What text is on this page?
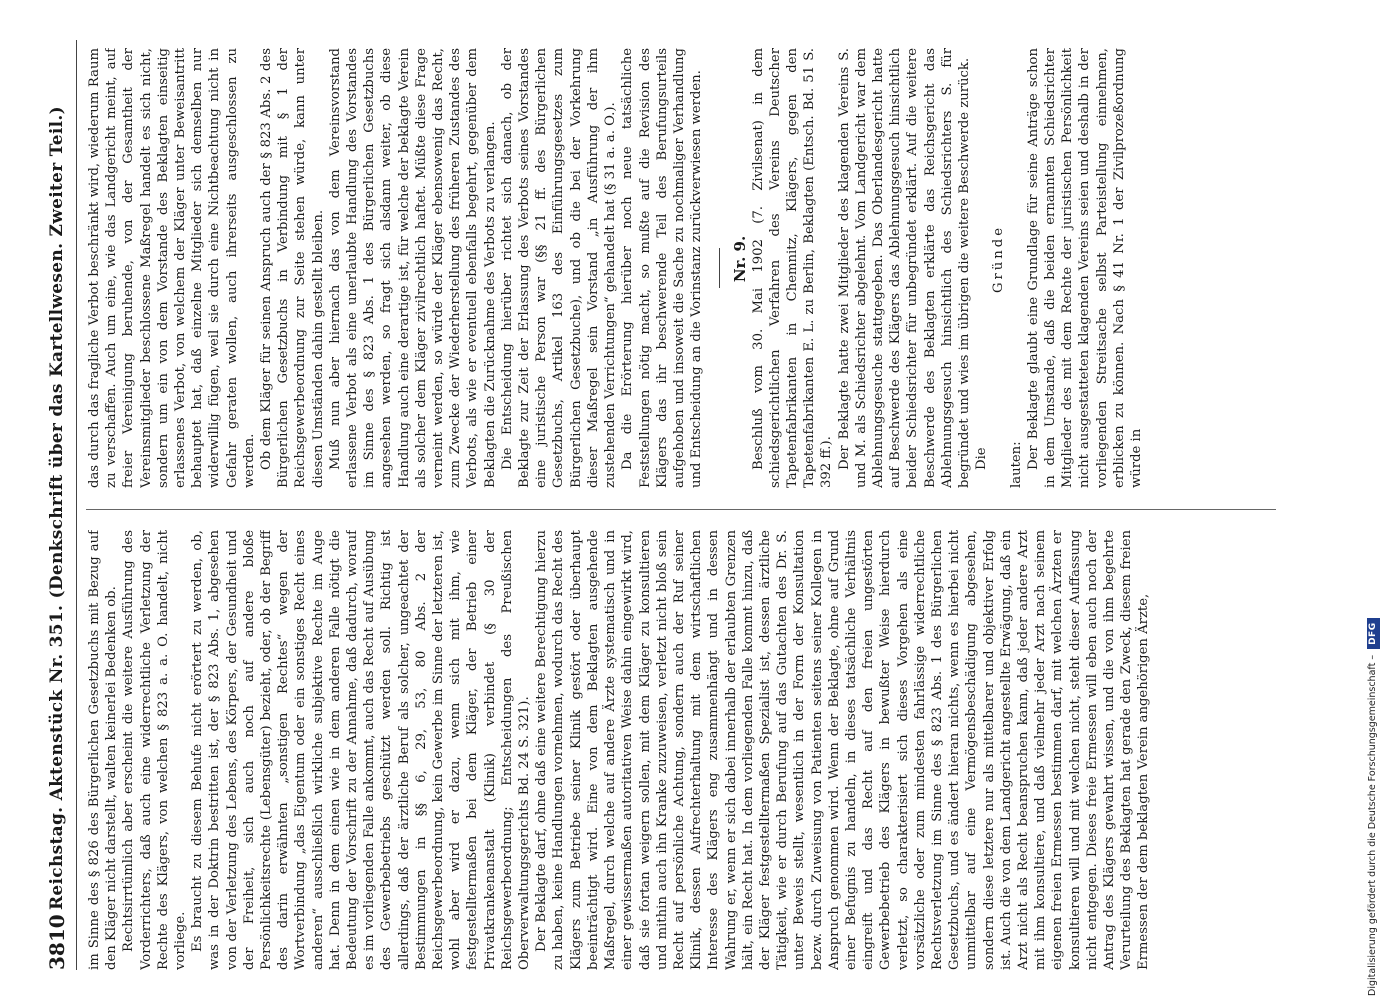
3810
Reichstag. Aktenstück Nr. 351. (Denkschrift über das Kartellwesen. Zweiter Teil.) im Sinne des § 826 des Bürgerlichen Gesetzbuchs mit Bezug auf den Kläger nicht darstellt, walten keinerlei Bedenken ob. Rechtsirrtümlich aber erscheint die weitere Ausführung des Vorderrichters, daß auch eine widerrechtliche Verletzung der Rechte des Klägers, von welchen § 823 a. a. O. handelt, nicht vorliege. Es braucht zu diesem Behufe nicht erörtert zu werden, ob, was in der Doktrin bestritten ist, der § 823 Abs. 1, abgesehen von der Verletzung des Lebens, des Körpers, der Gesundheit und der Freiheit, sich auch noch auf andere bloße Persönlichkeitsrechte (Lebensgüter) bezieht, oder, ob der Begriff des darin erwähnten „sonstigen Rechtes“ wegen der Wortverbindung „das Eigentum oder ein sonstiges Recht eines anderen“ ausschließlich wirkliche subjektive Rechte im Auge hat. Denn in dem einen wie in dem anderen Falle nötigt die Bedeutung der Vorschrift zu der Annahme, daß dadurch, worauf es im vorliegenden Falle ankommt, auch das Recht auf Ausübung des Gewerbebetriebs geschützt werden soll. Richtig ist allerdings, daß der ärztliche Beruf als solcher, ungeachtet der Bestimmungen in §§ 6, 29, 53, 80 Abs. 2 der Reichsgewerbeordnung, kein Gewerbe im Sinne der letzteren ist, wohl aber wird er dazu, wenn sich mit ihm, wie festgestelltermaßen bei dem Kläger, der Betrieb einer Privatkrankenanstalt (Klinik) verbindet (§ 30 der Reichsgewerbeordnung; Entscheidungen des Preußischen Oberverwaltungsgerichts Bd. 24 S. 321). Der Beklagte darf, ohne daß eine weitere Berechtigung hierzu zu haben, keine Handlungen vornehmen, wodurch das Recht des Klägers zum Betriebe seiner Klinik gestört oder überhaupt beeinträchtigt wird. Eine von dem Beklagten ausgehende Maßregel, durch welche auf andere Ärzte systematisch und in einer gewissermaßen autoritativen Weise dahin eingewirkt wird, daß sie fortan weigern sollen, mit dem Kläger zu konsultieren und mithin auch ihn Kranke zuzuweisen, verletzt nicht bloß sein Recht auf persönliche Achtung, sondern auch der Ruf seiner Klinik, dessen Aufrechterhaltung mit dem wirtschaftlichen Interesse des Klägers eng zusammenhängt und in dessen Wahrung er, wenn er sich dabei innerhalb der erlaubten Grenzen hält, ein Recht hat. In dem vorliegenden Falle kommt hinzu, daß der Kläger festgestelltermaßen Spezialist ist, dessen ärztliche Tätigkeit, wie er durch Berufung auf das Gutachten des Dr. S. unter Beweis stellt, wesentlich in der Form der Konsultation bezw. durch Zuweisung von Patienten seitens seiner Kollegen in Anspruch genommen wird. Wenn der Beklagte, ohne auf Grund einer Befugnis zu handeln, in dieses tatsächliche Verhältnis eingreift und das Recht auf den freien ungestörten Gewerbebetrieb des Klägers in bewußter Weise hierdurch verletzt, so charakterisiert sich dieses Vorgehen als eine vorsätzliche oder zum mindesten fahrlässige widerrechtliche Rechtsverletzung im Sinne des § 823 Abs. 1 des Bürgerlichen Gesetzbuchs, und es ändert hieran nichts, wenn es hierbei nicht unmittelbar auf eine Vermögensbeschädigung abgesehen, sondern diese letztere nur als mittelbarer und objektiver Erfolg ist. Auch die von dem Landgericht angestellte Erwägung, daß ein Arzt nicht als Recht beanspruchen kann, daß jeder andere Arzt mit ihm konsultiere, und daß vielmehr jeder Arzt nach seinem eigenen freien Ermessen bestimmen darf, mit welchen Ärzten er konsultieren will und mit welchen nicht, steht dieser Auffassung nicht entgegen. Dieses freie Ermessen will eben auch noch der Antrag des Klägers gewahrt wissen, und die von ihm begehrte Verurteilung des Beklagten hat gerade den Zweck, diesem freien Ermessen der dem beklagten Verein angehörigen Ärzte,

das durch das fragliche Verbot beschränkt wird, wiederum Raum zu verschaffen. Auch um eine, wie das Landgericht meint, auf freier Vereinigung beruhende, von der Gesamtheit der Vereinsmitglieder beschlossene Maßregel handelt es sich nicht, sondern um ein von dem Vorstande des Beklagten einseitig erlassenes Verbot, von welchem der Kläger unter Beweisantritt behauptet hat, daß einzelne Mitglieder sich demselben nur widerwillig fügen, weil sie durch eine Nichtbeachtung nicht in Gefahr geraten wollen, auch ihrerseits ausgeschlossen zu werden. Ob dem Kläger für seinen Anspruch auch der § 823 Abs. 2 des Bürgerlichen Gesetzbuchs in Verbindung mit § 1 der Reichsgewerbeordnung zur Seite stehen würde, kann unter diesen Umständen dahin gestellt bleiben. Muß nun aber hiernach das von dem Vereinsvorstand erlassene Verbot als eine unerlaubte Handlung des Vorstandes im Sinne des § 823 Abs. 1 des Bürgerlichen Gesetzbuchs angesehen werden, so fragt sich alsdann weiter, ob diese Handlung auch eine derartige ist, für welche der beklagte Verein als solcher dem Kläger zivilrechtlich haftet. Müßte diese Frage verneint werden, so würde der Kläger ebensowenig das Recht, zum Zwecke der Wiederherstellung des früheren Zustandes des Verbots, als wie er eventuell ebenfalls begehrt, gegenüber dem Beklagten die Zurücknahme des Verbots zu verlangen. Die Entscheidung hierüber richtet sich danach, ob der Beklagte zur Zeit der Erlassung des Verbots seines Vorstandes eine juristische Person war (§§ 21 ff. des Bürgerlichen Gesetzbuchs, Artikel 163 des Einführungsgesetzes zum Bürgerlichen Gesetzbuche), und ob die bei der Vorkehrung dieser Maßregel sein Vorstand „in Ausführung der ihm zustehenden Verrichtungen“ gehandelt hat (§ 31 a. a. O.). Da die Erörterung hierüber noch neue tatsächliche Feststellungen nötig macht, so mußte auf die Revision des Klägers das ihr beschwerende Teil des Berufungsurteils aufgehoben und insoweit die Sache zu nochmaliger Verhandlung und Entscheidung an die Vorinstanz zurückverwiesen werden. Nr. 9. Beschluß vom 30. Mai 1902 (7. Zivilsenat) in dem schiedsgerichtlichen Verfahren des Vereins Deutscher Tapetenfabrikanten in Chemnitz, Klägers, gegen den Tapetenfabrikanten E. L. zu Berlin, Beklagten (Entsch. Bd. 51 S. 392 ff.). Der Beklagte hatte zwei Mitglieder des klagenden Vereins S. und M. als Schiedsrichter abgelehnt. Vom Landgericht war dem Ablehnungsgesuche stattgegeben. Das Oberlandesgericht hatte auf Beschwerde des Klägers das Ablehnungsgesuch hinsichtlich beider Schiedsrichter für unbegründet erklärt. Auf die weitere Beschwerde des Beklagten erklärte das Reichsgericht das Ablehnungsgesuch hinsichtlich des Schiedsrichters S. für begründet und wies im übrigen die weitere Beschwerde zurück. Die

Gründe

lauten: Der Beklagte glaubt eine Grundlage für seine Anträge schon in dem Umstande, daß die beiden ernannten Schiedsrichter Mitglieder des mit dem Rechte der juristischen Persönlichkeit nicht ausgestatteten klagenden Vereins seien und deshalb in der vorliegenden Streitsache selbst Parteistellung einnehmen, erblicken zu können. Nach § 41 Nr. 1 der Zivilprozeßordnung würde in

Digitalisierung gefördert durch die Deutsche Forschungsgemeinschaft –
DFG
